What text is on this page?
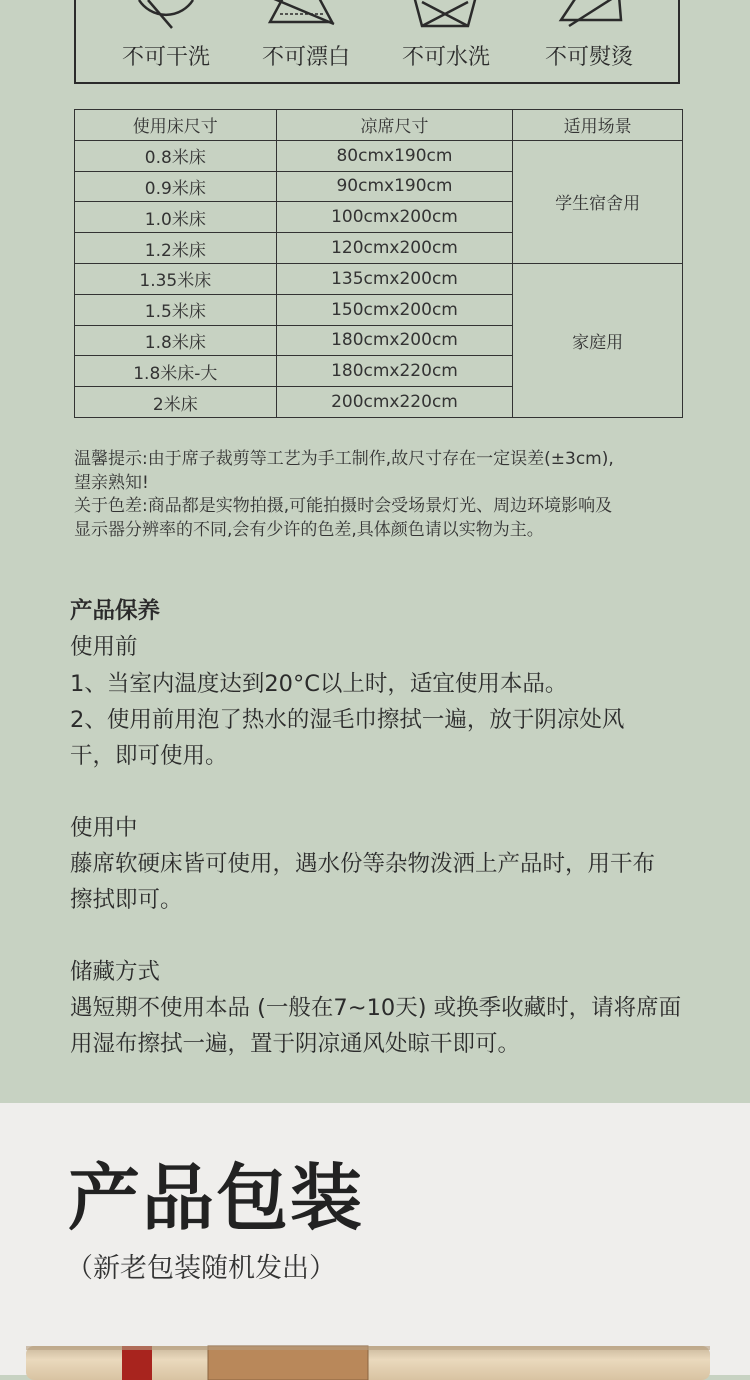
不可干洗	不可漂白	不可水洗	不可熨烫
使用床尺寸	凉席尺寸	适用场景
0.8米床	80cmx190cm	学生宿舍用
0.9米床	90cmx190cm	
1.0米床	100cmx200cm	
1.2米床	120cmx200cm	
1.35米床	135cmx200cm	家庭用
1.5米床	150cmx200cm	
1.8米床	180cmx200cm	
1.8米床-大	180cmx220cm	
2米床	200cmx220cm	
温馨提示:由于席子裁剪等工艺为手工制作,故尺寸存在一定误差(±3cm),
望亲熟知!
关于色差:商品都是实物拍摄,可能拍摄时会受场景灯光、周边环境影响及
显示器分辨率的不同,会有少许的色差,具体颜色请以实物为主。
产品保养
使用前
1、当室内温度达到20°C以上时，适宜使用本品。
2、使用前用泡了热水的湿毛巾擦拭一遍，放于阴凉处风
干，即可使用。
使用中
藤席软硬床皆可使用，遇水份等杂物泼洒上产品时，用干布
擦拭即可。
储藏方式
遇短期不使用本品 (一般在7~10天) 或换季收藏时，请将席面
用湿布擦拭一遍，置于阴凉通风处晾干即可。
产品包装
（新老包装随机发出）
